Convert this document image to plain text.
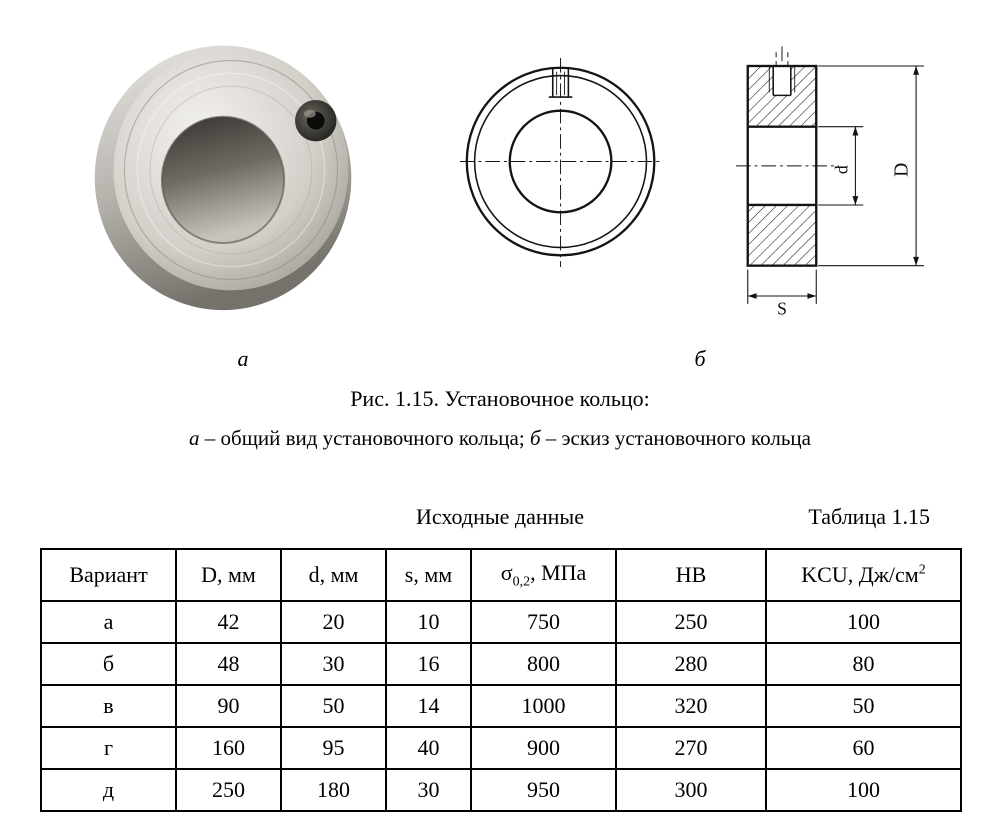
d D
S
а	б
Рис. 1.15. Установочное кольцо:
а – общий вид установочного кольца; б – эскиз установочного кольца
Исходные данные	Таблица 1.15
Вариант	D, мм	d, мм	s, мм	$\sigma_{0,2}$, МПа	НВ	KCU, $Дж/см^2$
а	42	20	10	750	250	100
б	48	30	16	800	280	80
в	90	50	14	1000	320	50
г	160	95	40	900	270	60
д	250	180	30	950	300	100
